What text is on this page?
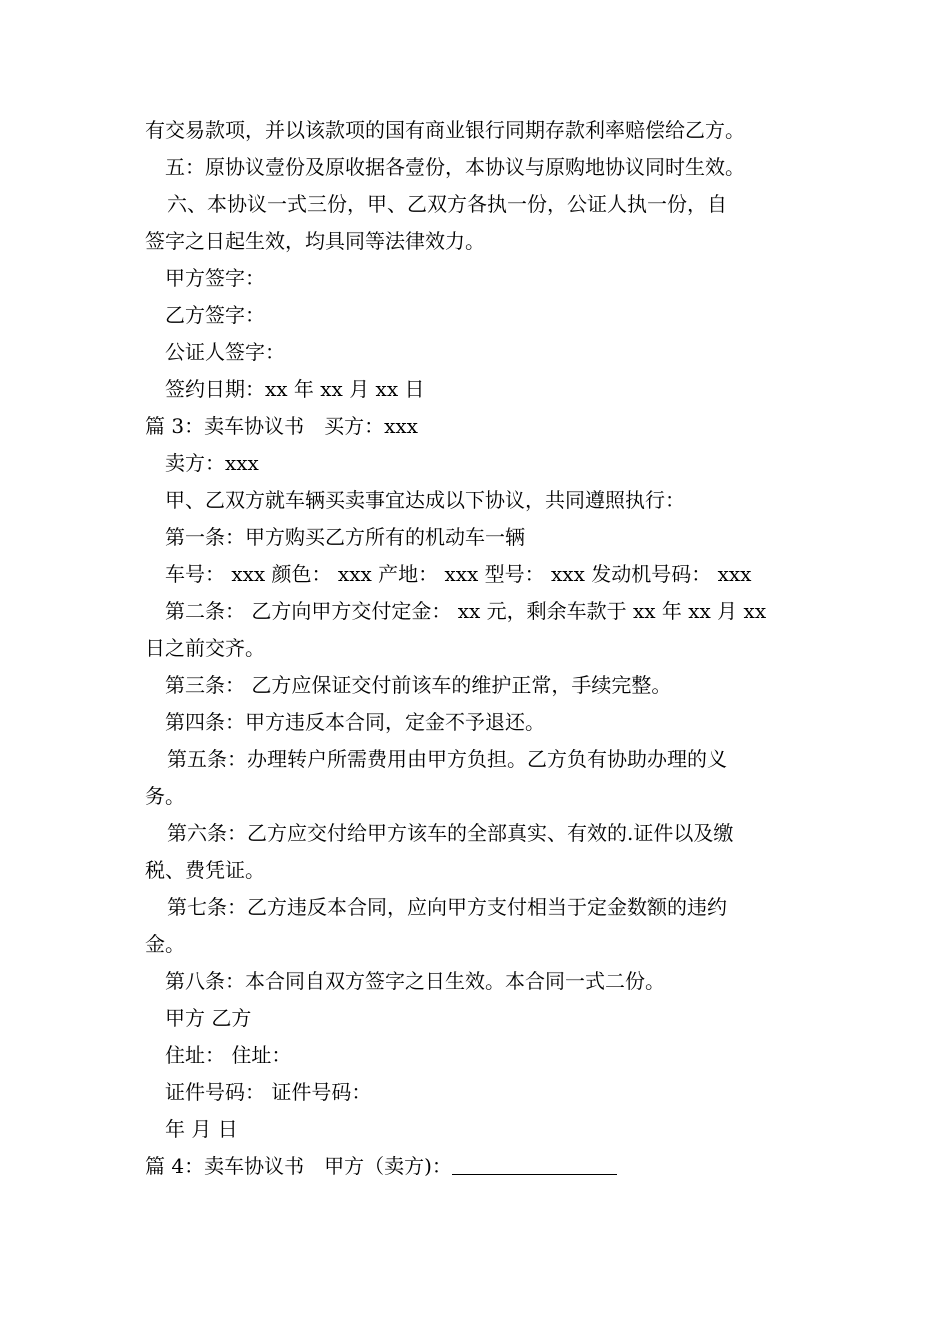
有交易款项，并以该款项的国有商业银行同期存款利率赔偿给乙方。
五：原协议壹份及原收据各壹份，本协议与原购地协议同时生效。
六、本协议一式三份，甲、乙双方各执一份，公证人执一份，自
签字之日起生效，均具同等法律效力。
甲方签字：
乙方签字：
公证人签字：
签约日期：xx 年 xx 月 xx 日
篇 3：卖车协议书　买方：xxx
卖方：xxx
甲、乙双方就车辆买卖事宜达成以下协议，共同遵照执行：
第一条：甲方购买乙方所有的机动车一辆
车号： xxx 颜色： xxx 产地： xxx 型号： xxx 发动机号码： xxx
第二条： 乙方向甲方交付定金： xx 元，剩余车款于 xx 年 xx 月 xx
日之前交齐。
第三条： 乙方应保证交付前该车的维护正常，手续完整。
第四条：甲方违反本合同，定金不予退还。
第五条：办理转户所需费用由甲方负担。乙方负有协助办理的义
务。
第六条：乙方应交付给甲方该车的全部真实、有效的.证件以及缴
税、费凭证。
第七条：乙方违反本合同，应向甲方支付相当于定金数额的违约
金。
第八条：本合同自双方签字之日生效。本合同一式二份。
甲方 乙方
住址： 住址：
证件号码： 证件号码：
年 月 日
篇 4：卖车协议书　甲方（卖方)：
